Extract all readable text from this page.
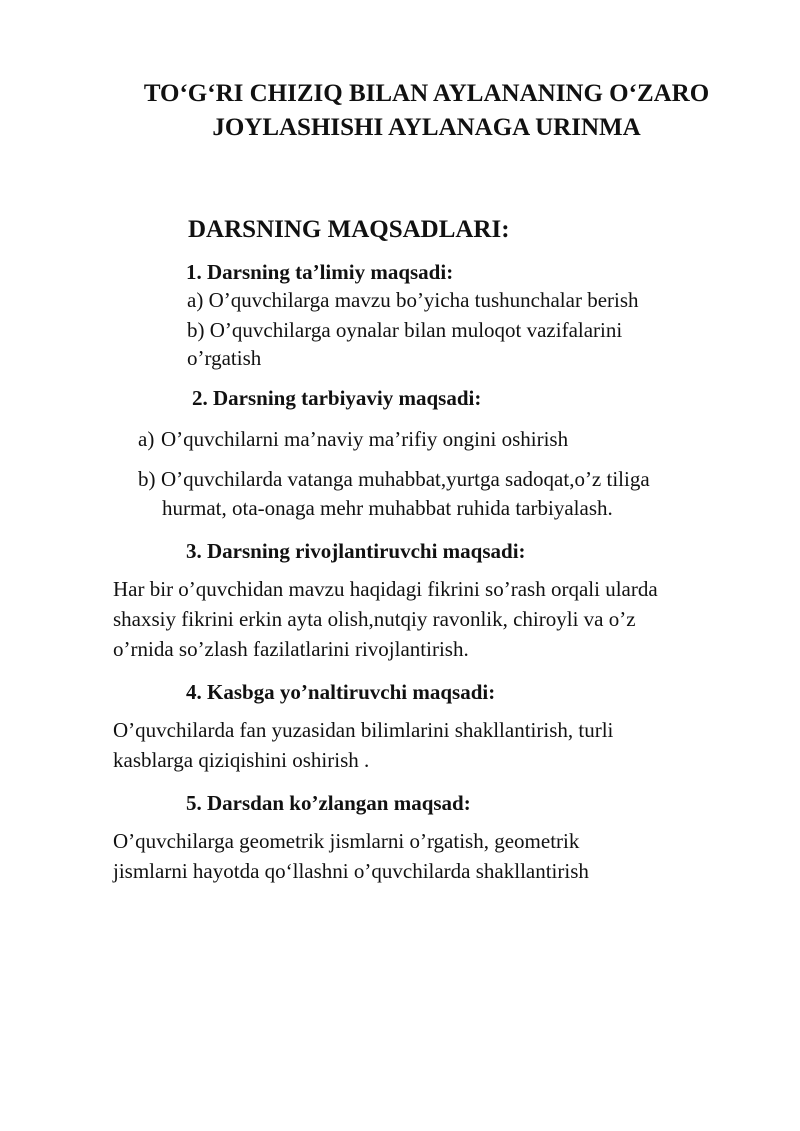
TO‘G‘RI CHIZIQ BILAN AYLANANING O‘ZARO
JOYLASHISHI AYLANAGA URINMA
DARSNING MAQSADLARI:
1. Darsning ta’limiy maqsadi:
a) O’quvchilarga mavzu bo’yicha tushunchalar berish
b) O’quvchilarga oynalar bilan muloqot vazifalarini
o’rgatish
2. Darsning tarbiyaviy maqsadi:
a) O’quvchilarni ma’naviy ma’rifiy ongini oshirish
b) O’quvchilarda vatanga muhabbat,yurtga sadoqat,o’z tiliga
hurmat, ota-onaga mehr muhabbat ruhida tarbiyalash.
3. Darsning rivojlantiruvchi maqsadi:
Har bir o’quvchidan mavzu haqidagi fikrini so’rash orqali ularda
shaxsiy fikrini erkin ayta olish,nutqiy ravonlik, chiroyli va o’z
o’rnida so’zlash fazilatlarini rivojlantirish.
4. Kasbga yo’naltiruvchi maqsadi:
O’quvchilarda fan yuzasidan bilimlarini shakllantirish, turli
kasblarga qiziqishini oshirish .
5. Darsdan ko’zlangan maqsad:
O’quvchilarga geometrik jismlarni o’rgatish, geometrik
jismlarni hayotda qo‘llashni o’quvchilarda shakllantirish
